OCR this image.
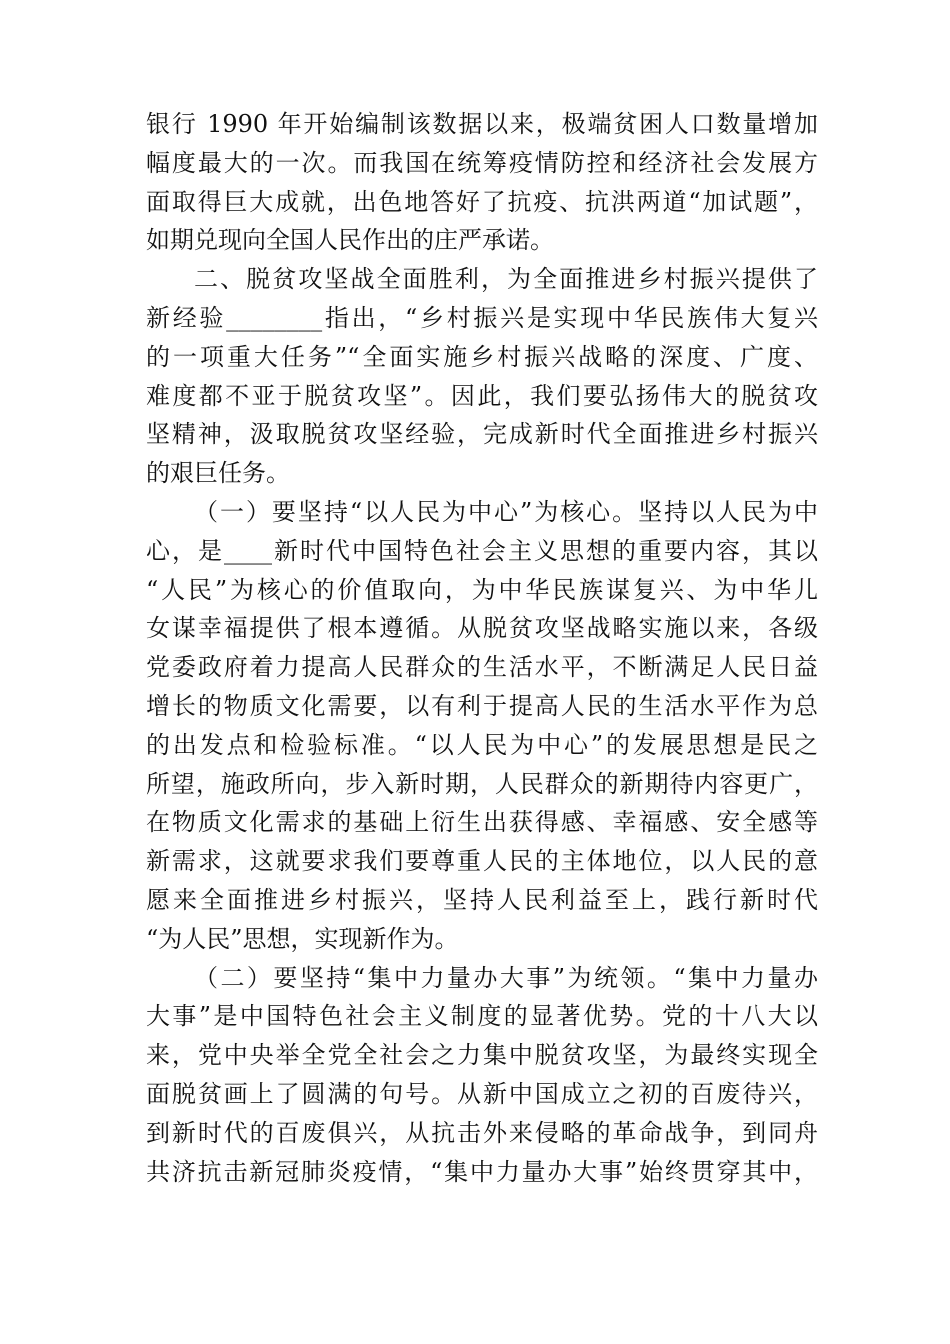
银行 1990 年开始编制该数据以来，极端贫困人口数量增加
幅度最大的一次。而我国在统筹疫情防控和经济社会发展方
面取得巨大成就，出色地答好了抗疫、抗洪两道“加试题”，
如期兑现向全国人民作出的庄严承诺。
二、脱贫攻坚战全面胜利，为全面推进乡村振兴提供了
新经验________指出，“乡村振兴是实现中华民族伟大复兴
的一项重大任务”“全面实施乡村振兴战略的深度、广度、
难度都不亚于脱贫攻坚”。因此，我们要弘扬伟大的脱贫攻
坚精神，汲取脱贫攻坚经验，完成新时代全面推进乡村振兴
的艰巨任务。
（一）要坚持“以人民为中心”为核心。坚持以人民为中
心，是____新时代中国特色社会主义思想的重要内容，其以
“人民”为核心的价值取向，为中华民族谋复兴、为中华儿
女谋幸福提供了根本遵循。从脱贫攻坚战略实施以来，各级
党委政府着力提高人民群众的生活水平，不断满足人民日益
增长的物质文化需要，以有利于提高人民的生活水平作为总
的出发点和检验标准。“以人民为中心”的发展思想是民之
所望，施政所向，步入新时期，人民群众的新期待内容更广，
在物质文化需求的基础上衍生出获得感、幸福感、安全感等
新需求，这就要求我们要尊重人民的主体地位，以人民的意
愿来全面推进乡村振兴，坚持人民利益至上，践行新时代
“为人民”思想，实现新作为。
（二）要坚持“集中力量办大事”为统领。“集中力量办
大事”是中国特色社会主义制度的显著优势。党的十八大以
来，党中央举全党全社会之力集中脱贫攻坚，为最终实现全
面脱贫画上了圆满的句号。从新中国成立之初的百废待兴，
到新时代的百废俱兴，从抗击外来侵略的革命战争，到同舟
共济抗击新冠肺炎疫情，“集中力量办大事”始终贯穿其中，
